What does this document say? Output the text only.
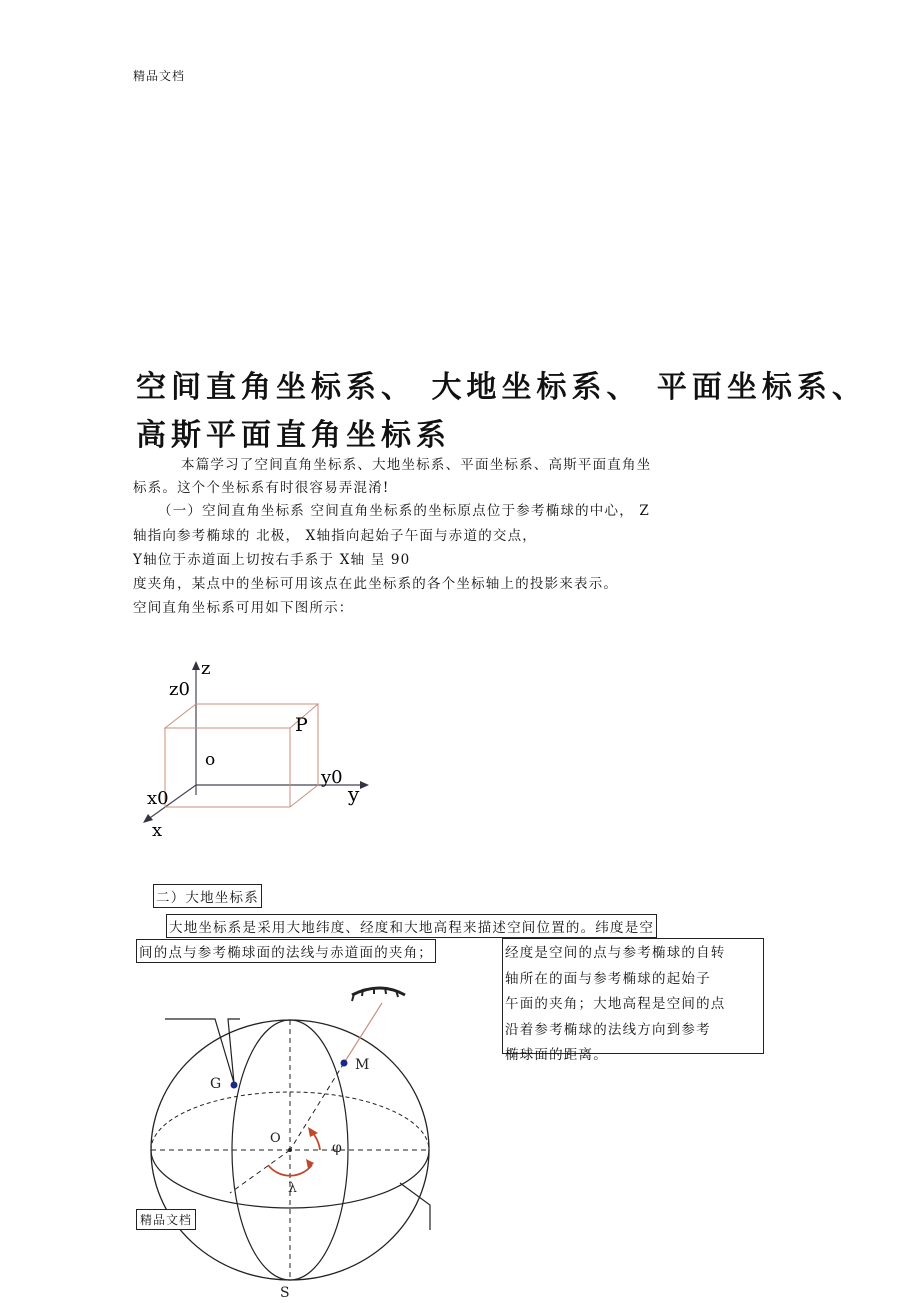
精品文档
空间直角坐标系、 大地坐标系、 平面坐标系、
高斯平面直角坐标系
本篇学习了空间直角坐标系、大地坐标系、平面坐标系、高斯平面直角坐
标系。这个个坐标系有时很容易弄混淆!
（一）空间直角坐标系 空间直角坐标系的坐标原点位于参考椭球的中心， Z
轴指向参考椭球的 北极， X轴指向起始子午面与赤道的交点，
Y轴位于赤道面上切按右手系于 X轴 呈 90
度夹角，某点中的坐标可用该点在此坐标系的各个坐标轴上的投影来表示。
空间直角坐标系可用如下图所示：
z
z0
P
o
y0
y
x0
x
二）大地坐标系
大地坐标系是采用大地纬度、经度和大地高程来描述空间位置的。纬度是空
间的点与参考椭球面的法线与赤道面的夹角；	经度是空间的点与参考椭球的自转
轴所在的面与参考椭球的起始子
午面的夹角；大地高程是空间的点
沿着参考椭球的法线方向到参考
椭球面的距离。
G
M
O
φ
λ
S
精品文档
